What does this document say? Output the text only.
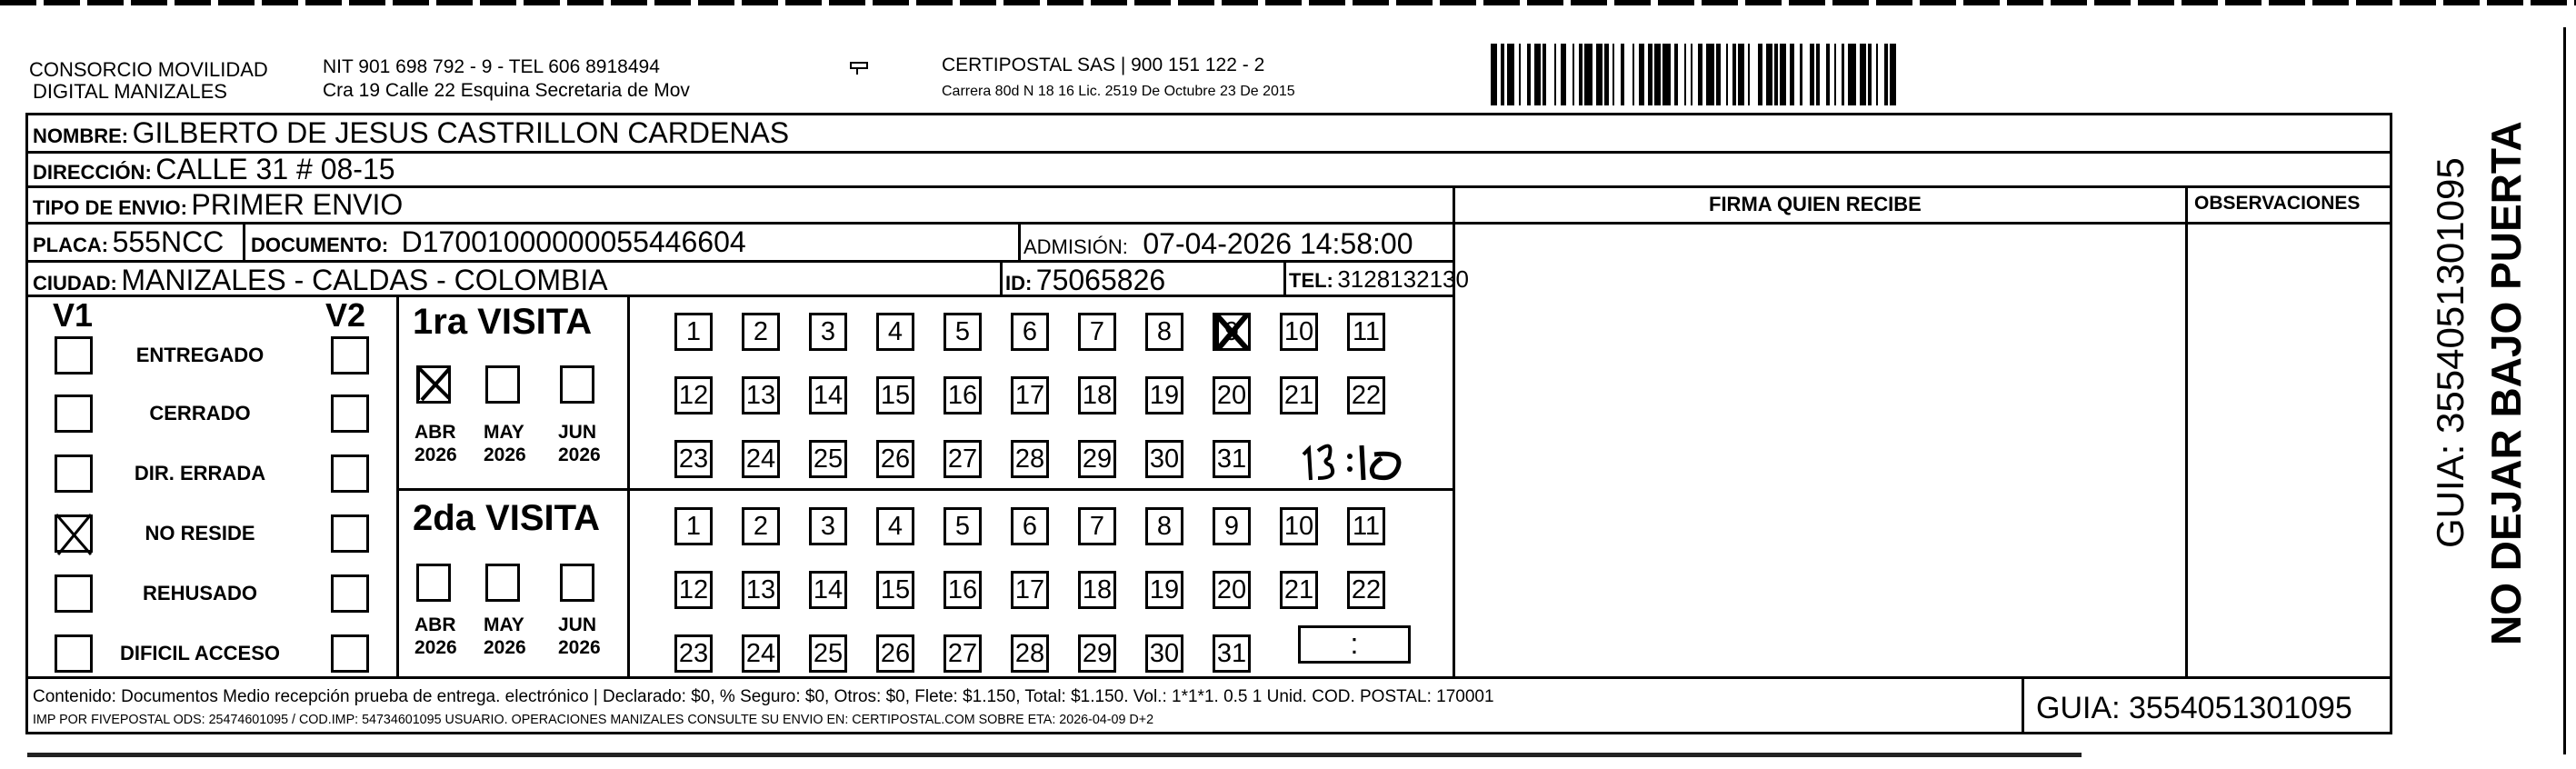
CONSORCIO MOVILIDAD
DIGITAL MANIZALES
NIT 901 698 792 - 9 - TEL 606 8918494
Cra 19 Calle 22 Esquina Secretaria de Mov
CERTIPOSTAL SAS | 900 151 122 - 2
Carrera 80d N 18 16 Lic. 2519 De Octubre 23 De 2015
NOMBRE: GILBERTO DE JESUS CASTRILLON CARDENAS
DIRECCIÓN: CALLE 31 # 08-15
TIPO DE ENVIO: PRIMER ENVIO
PLACA: 555NCC DOCUMENTO: D17001000000055446604	ADMISIÓN: 07-04-2026 14:58:00
CIUDAD: MANIZALES - CALDAS - COLOMBIA	ID: 75065826	TEL: 3128132130
FIRMA QUIEN RECIBE	OBSERVACIONES
V1	V2
ENTREGADO
CERRADO
DIR. ERRADA
NO RESIDE
REHUSADO
DIFICIL ACCESO
1ra VISITA
2da VISITA
ABR
2026
MAY
2026
JUN
2026
ABR
2026
MAY
2026
JUN
2026
1	2	3	4	5	6	7	8	9	10 11
12 13 14 15 16 17 18 19 20 21 22
23 24 25 26 27 28 29 30 31
1	2	3	4	5	6	7	8	9	10 11
12 13 14 15 16 17 18 19 20 21 22
23 24 25 26 27 28 29 30 31	:
Contenido: Documentos Medio recepción prueba de entrega. electrónico | Declarado: $0, % Seguro: $0, Otros: $0, Flete: $1.150, Total: $1.150. Vol.: 1*1*1. 0.5 1 Unid. COD. POSTAL: 170001
IMP POR FIVEPOSTAL ODS: 25474601095 / COD.IMP: 54734601095 USUARIO. OPERACIONES MANIZALES CONSULTE SU ENVIO EN: CERTIPOSTAL.COM SOBRE ETA: 2026-04-09 D+2	GUIA: 3554051301095
NO DEJAR BAJO PUERTA
GUIA: 3554051301095
